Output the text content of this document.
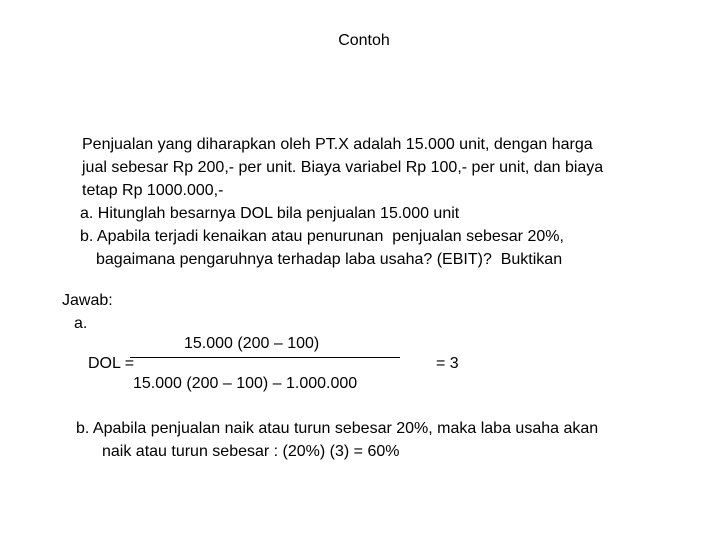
Contoh
Penjualan yang diharapkan oleh PT.X adalah 15.000 unit, dengan harga
jual sebesar Rp 200,- per unit. Biaya variabel Rp 100,- per unit, dan biaya
tetap Rp 1000.000,-
a. Hitunglah besarnya DOL bila penjualan 15.000 unit
b. Apabila terjadi kenaikan atau penurunan  penjualan sebesar 20%,
bagaimana pengaruhnya terhadap laba usaha? (EBIT)?  Buktikan
Jawab:
a.
15.000 (200 – 100)
DOL =	= 3
15.000 (200 – 100) – 1.000.000
b. Apabila penjualan naik atau turun sebesar 20%, maka laba usaha akan
naik atau turun sebesar : (20%) (3) = 60%
